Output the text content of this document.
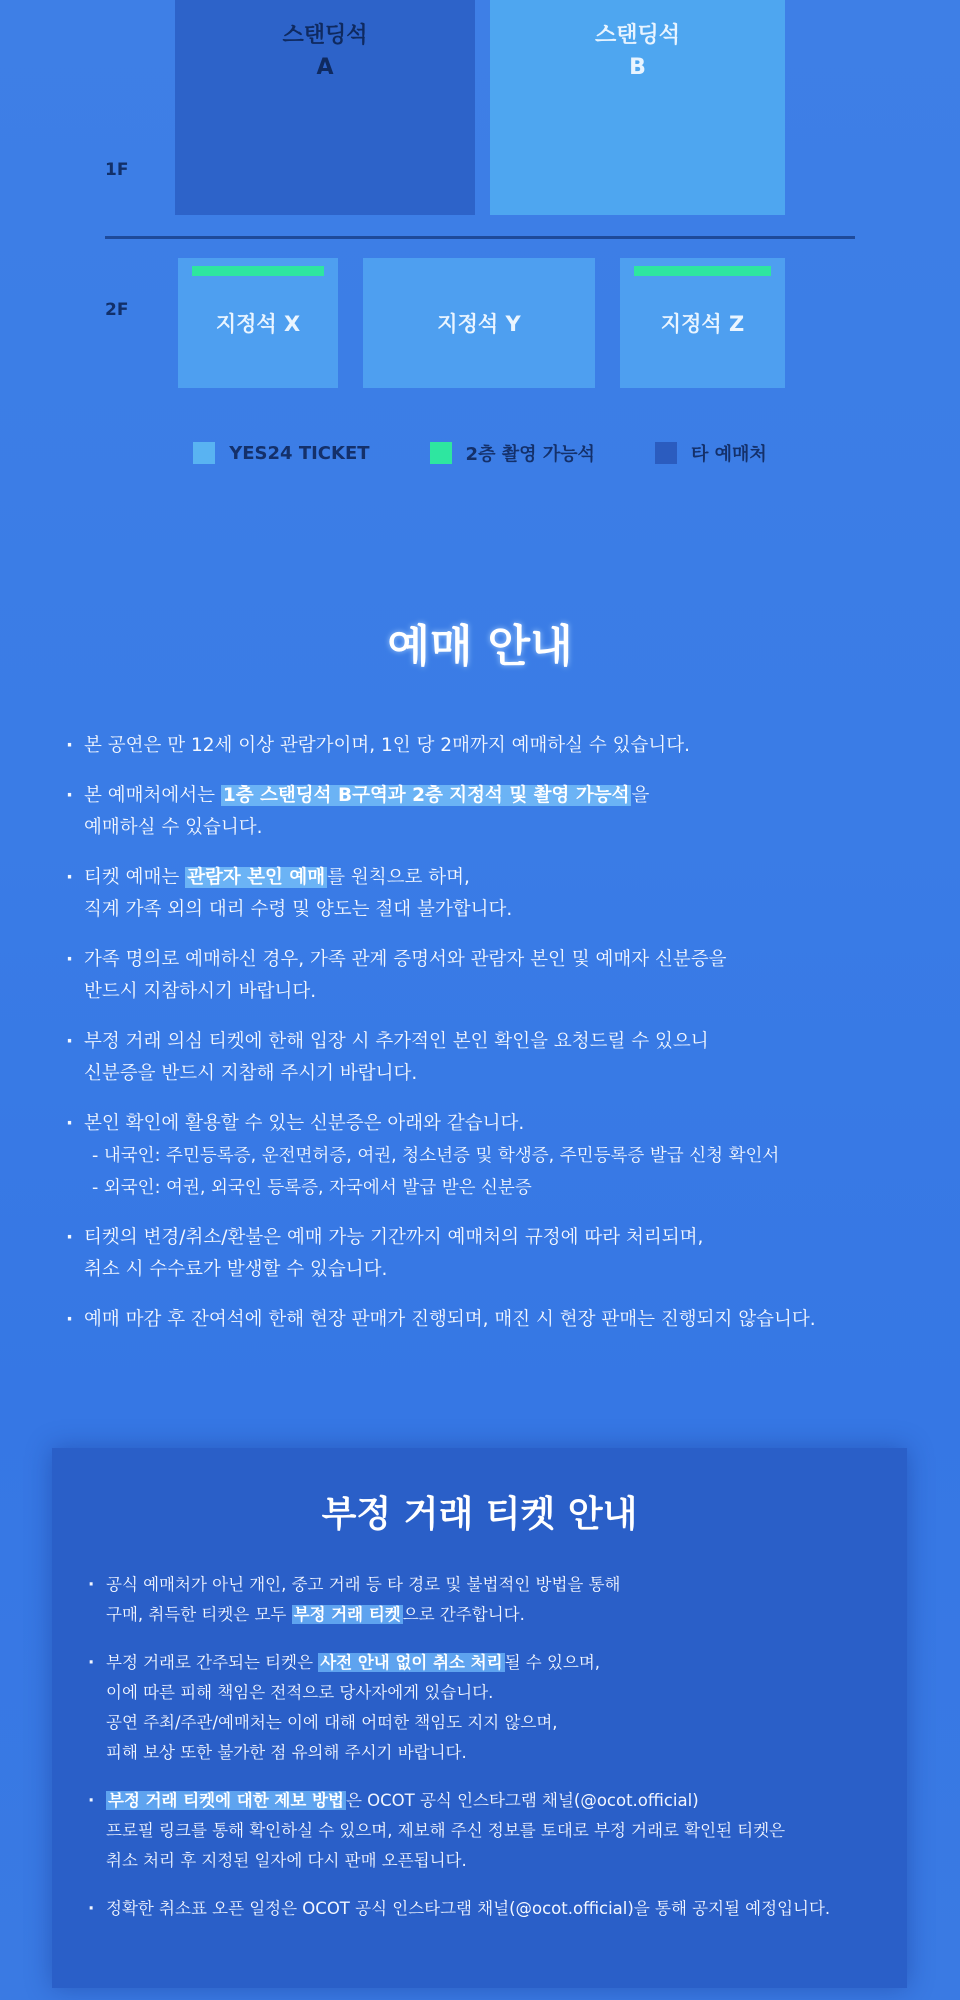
스탠딩석
A
스탠딩석
B
1F
2F
지정석 X	지정석 Y	지정석 Z
YES24 TICKET	2층 촬영 가능석	타 예매처
예매 안내
· 본 공연은 만 12세 이상 관람가이며, 1인 당 2매까지 예매하실 수 있습니다.
· 본 예매처에서는 1층 스탠딩석 B구역과 2층 지정석 및 촬영 가능석 을
예매하실 수 있습니다.
· 티켓 예매는 관람자 본인 예매 를 원칙으로 하며,
직계 가족 외의 대리 수령 및 양도는 절대 불가합니다.
· 가족 명의로 예매하신 경우, 가족 관계 증명서와 관람자 본인 및 예매자 신분증을
반드시 지참하시기 바랍니다.
· 부정 거래 의심 티켓에 한해 입장 시 추가적인 본인 확인을 요청드릴 수 있으니
신분증을 반드시 지참해 주시기 바랍니다.
· 본인 확인에 활용할 수 있는 신분증은 아래와 같습니다.
- 내국인: 주민등록증, 운전면허증, 여권, 청소년증 및 학생증, 주민등록증 발급 신청 확인서
- 외국인: 여권, 외국인 등록증, 자국에서 발급 받은 신분증
· 티켓의 변경/취소/환불은 예매 가능 기간까지 예매처의 규정에 따라 처리되며,
취소 시 수수료가 발생할 수 있습니다.
· 예매 마감 후 잔여석에 한해 현장 판매가 진행되며, 매진 시 현장 판매는 진행되지 않습니다.
부정 거래 티켓 안내
· 공식 예매처가 아닌 개인, 중고 거래 등 타 경로 및 불법적인 방법을 통해
구매, 취득한 티켓은 모두 부정 거래 티켓 으로 간주합니다.
· 부정 거래로 간주되는 티켓은 사전 안내 없이 취소 처리 될 수 있으며,
이에 따른 피해 책임은 전적으로 당사자에게 있습니다.
공연 주최/주관/예매처는 이에 대해 어떠한 책임도 지지 않으며,
피해 보상 또한 불가한 점 유의해 주시기 바랍니다.
· 부정 거래 티켓에 대한 제보 방법 은 OCOT 공식 인스타그램 채널(@ocot.official)
프로필 링크를 통해 확인하실 수 있으며, 제보해 주신 정보를 토대로 부정 거래로 확인된 티켓은
취소 처리 후 지정된 일자에 다시 판매 오픈됩니다.
· 정확한 취소표 오픈 일정은 OCOT 공식 인스타그램 채널(@ocot.official)을 통해 공지될 예정입니다.
